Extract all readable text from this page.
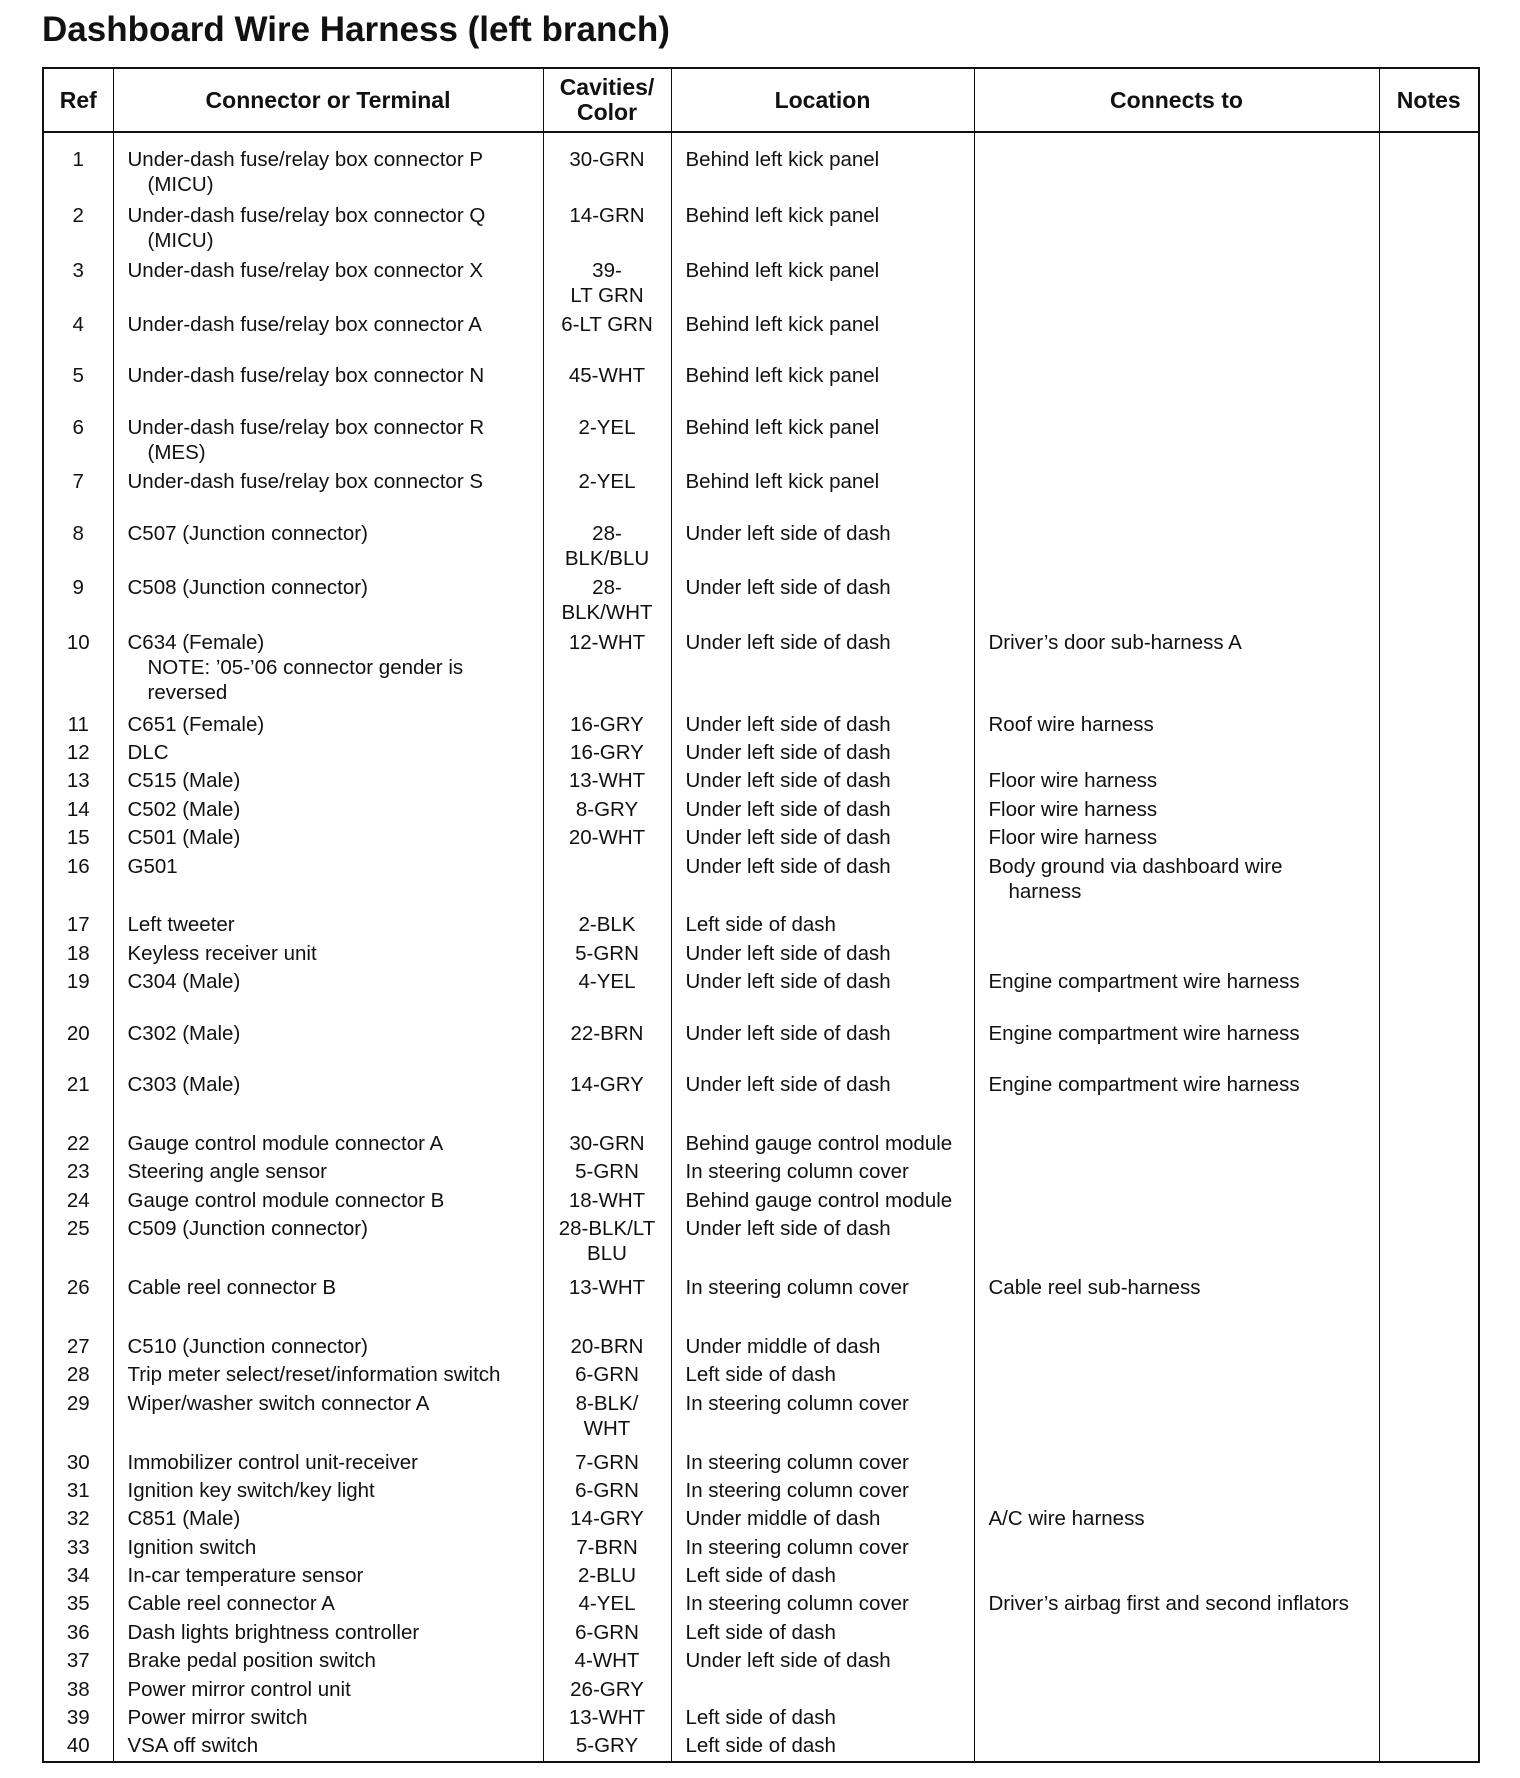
Dashboard Wire Harness (left branch)
Ref	Connector or Terminal	Cavities/
Color	Location	Connects to	Notes
1	Under-dash fuse/relay box connector P
(MICU)	30-GRN	Behind left kick panel		
2	Under-dash fuse/relay box connector Q
(MICU)	14-GRN	Behind left kick panel		
3	Under-dash fuse/relay box connector X	39-
LT GRN	Behind left kick panel		
4	Under-dash fuse/relay box connector A	6-LT GRN	Behind left kick panel		
5	Under-dash fuse/relay box connector N	45-WHT	Behind left kick panel		
6	Under-dash fuse/relay box connector R
(MES)	2-YEL	Behind left kick panel		
7	Under-dash fuse/relay box connector S	2-YEL	Behind left kick panel		
8	C507 (Junction connector)	28-
BLK/BLU	Under left side of dash		
9	C508 (Junction connector)	28-
BLK/WHT	Under left side of dash		
10	C634 (Female)
NOTE: ’05-’06 connector gender is
reversed	12-WHT	Under left side of dash	Driver’s door sub-harness A	

11	C651 (Female)	16-GRY	Under left side of dash	Roof wire harness	

12	DLC	16-GRY	Under left side of dash		
13	C515 (Male)	13-WHT	Under left side of dash	Floor wire harness	

14	C502 (Male)	8-GRY	Under left side of dash	Floor wire harness	

15	C501 (Male)	20-WHT	Under left side of dash	Floor wire harness	

16	G501		Under left side of dash	Body ground via dashboard wire
harness	

17	Left tweeter	2-BLK	Left side of dash		
18	Keyless receiver unit	5-GRN	Under left side of dash		
19	C304 (Male)	4-YEL	Under left side of dash	Engine compartment wire harness	

20	C302 (Male)	22-BRN	Under left side of dash	Engine compartment wire harness	

21	C303 (Male)	14-GRY	Under left side of dash	Engine compartment wire harness	

22	Gauge control module connector A	30-GRN	Behind gauge control module		
23	Steering angle sensor	5-GRN	In steering column cover		
24	Gauge control module connector B	18-WHT	Behind gauge control module		
25	C509 (Junction connector)	28-BLK/LT
BLU	Under left side of dash		
26	Cable reel connector B	13-WHT	In steering column cover	Cable reel sub-harness	

27	C510 (Junction connector)	20-BRN	Under middle of dash		
28	Trip meter select/reset/information switch	6-GRN	Left side of dash		
29	Wiper/washer switch connector A	8-BLK/
WHT	In steering column cover		
30	Immobilizer control unit-receiver	7-GRN	In steering column cover		
31	Ignition key switch/key light	6-GRN	In steering column cover		
32	C851 (Male)	14-GRY	Under middle of dash	A/C wire harness	

33	Ignition switch	7-BRN	In steering column cover		
34	In-car temperature sensor	2-BLU	Left side of dash		
35	Cable reel connector A	4-YEL	In steering column cover	Driver’s airbag first and second inflators	

36	Dash lights brightness controller	6-GRN	Left side of dash		
37	Brake pedal position switch	4-WHT	Under left side of dash		
38	Power mirror control unit	26-GRY			

39	Power mirror switch	13-WHT	Left side of dash		
40	VSA off switch	5-GRY	Left side of dash		
